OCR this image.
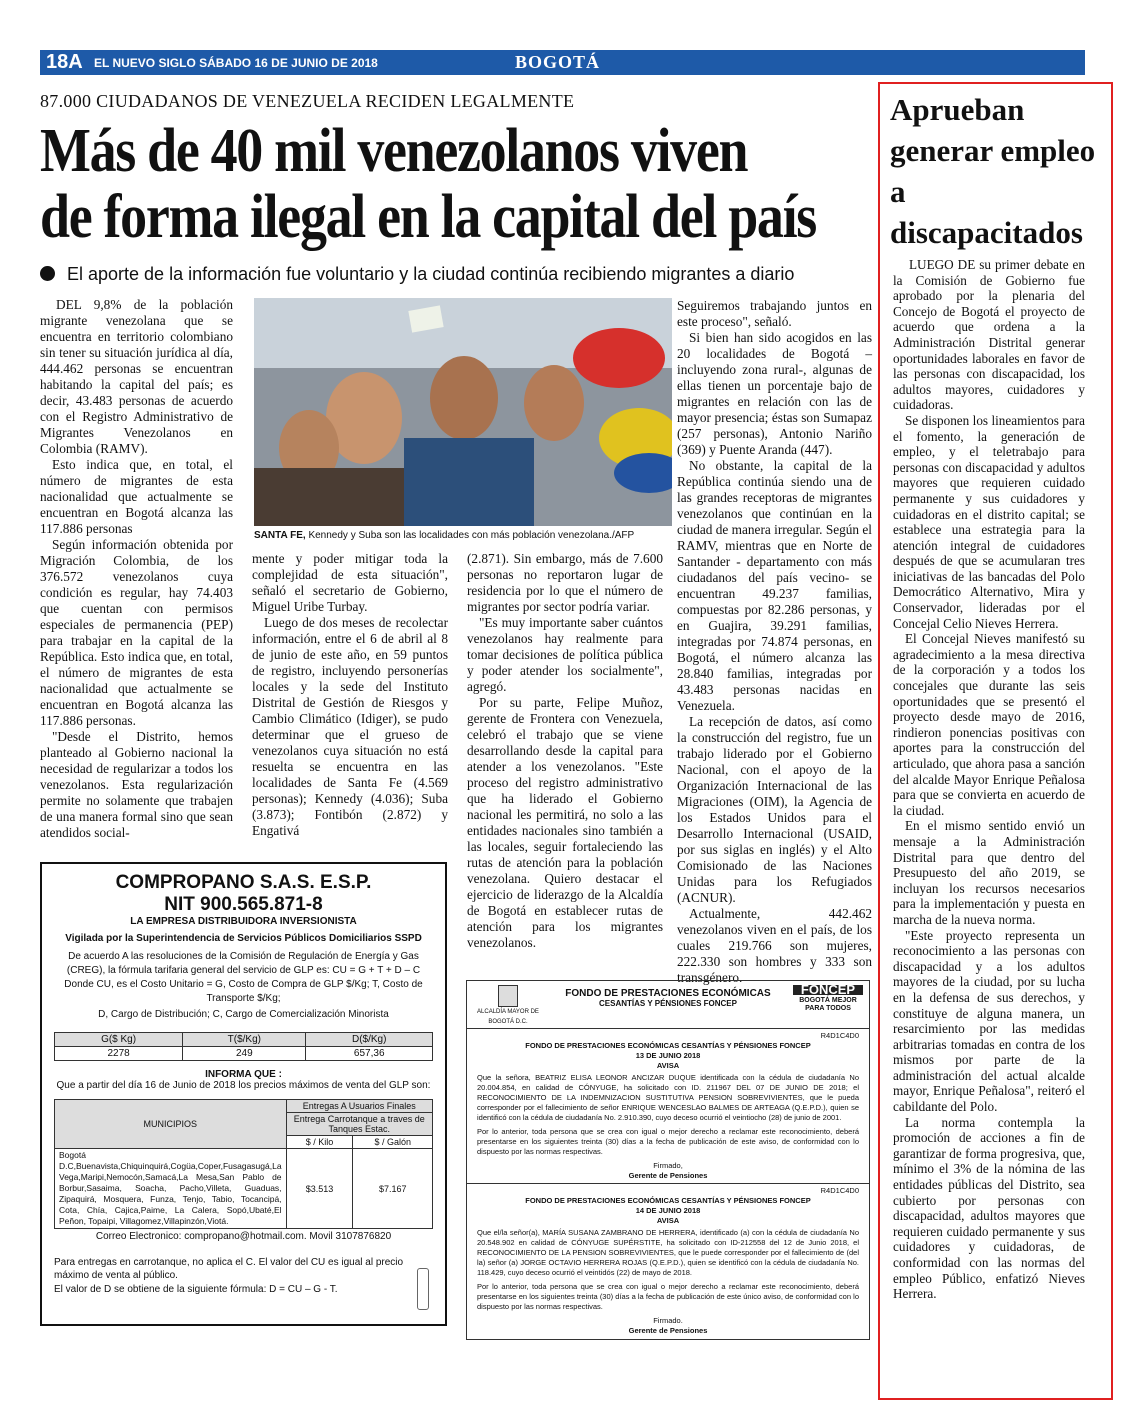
18A EL NUEVO SIGLO SÁBADO 16 DE JUNIO DE 2018	BOGOTÁ
87.000 CIUDADANOS DE VENEZUELA RECIDEN LEGALMENTE
Más de 40 mil venezolanos viven
de forma ilegal en la capital del país
El aporte de la información fue voluntario y la ciudad continúa recibiendo migrantes a diario

DEL 9,8% de la población migrante venezolana que se encuentra en territorio colombiano sin tener su situación jurídica al día, 444.462 personas se encuentran habitando la capital del país; es decir, 43.483 personas de acuerdo con el Registro Administrativo de Migrantes Venezolanos en Colombia (RAMV).

Esto indica que, en total, el número de migrantes de esta nacionalidad que actualmente se encuentran en Bogotá alcanza las 117.886 personas

Según información obtenida por Migración Colombia, de los 376.572 venezolanos cuya condición es regular, hay 74.403 que cuentan con permisos especiales de permanencia (PEP) para trabajar en la capital de la República. Esto indica que, en total, el número de migrantes de esta nacionalidad que actualmente se encuentran en Bogotá alcanza las 117.886 personas.

"Desde el Distrito, hemos planteado al Gobierno nacional la necesidad de regularizar a todos los venezolanos. Esta regularización permite no solamente que trabajen de una manera formal sino que sean atendidos social-

SANTA FE, Kennedy y Suba son las localidades con más población venezolana./AFP

mente y poder mitigar toda la complejidad de esta situación", señaló el secretario de Gobierno, Miguel Uribe Turbay.

Luego de dos meses de recolectar información, entre el 6 de abril al 8 de junio de este año, en 59 puntos de registro, incluyendo personerías locales y la sede del Instituto Distrital de Gestión de Riesgos y Cambio Climático (Idiger), se pudo determinar que el grueso de venezolanos cuya situación no está resuelta se encuentra en las localidades de Santa Fe (4.569 personas); Kennedy (4.036); Suba (3.873); Fontibón (2.872) y Engativá

(2.871). Sin embargo, más de 7.600 personas no reportaron lugar de residencia por lo que el número de migrantes por sector podría variar.

"Es muy importante saber cuántos venezolanos hay realmente para tomar decisiones de política pública y poder atender los socialmente", agregó.

Por su parte, Felipe Muñoz, gerente de Frontera con Venezuela, celebró el trabajo que se viene desarrollando desde la capital para atender a los venezolanos. "Este proceso del registro administrativo que ha liderado el Gobierno nacional les permitirá, no solo a las entidades nacionales sino también a las locales, seguir fortaleciendo las rutas de atención para la población venezolana. Quiero destacar el ejercicio de liderazgo de la Alcaldía de Bogotá en establecer rutas de atención para los migrantes venezolanos.

Seguiremos trabajando juntos en este proceso", señaló.

Si bien han sido acogidos en las 20 localidades de Bogotá –incluyendo zona rural-, algunas de ellas tienen un porcentaje bajo de migrantes en relación con las de mayor presencia; éstas son Sumapaz (257 personas), Antonio Nariño (369) y Puente Aranda (447).

No obstante, la capital de la República continúa siendo una de las grandes receptoras de migrantes venezolanos que continúan en la ciudad de manera irregular. Según el RAMV, mientras que en Norte de Santander - departamento con más ciudadanos del país vecino- se encuentran 49.237 familias, compuestas por 82.286 personas, y en Guajira, 39.291 familias, integradas por 74.874 personas, en Bogotá, el número alcanza las 28.840 familias, integradas por 43.483 personas nacidas en Venezuela.

La recepción de datos, así como la construcción del registro, fue un trabajo liderado por el Gobierno Nacional, con el apoyo de la Organización Internacional de las Migraciones (OIM), la Agencia de los Estados Unidos para el Desarrollo Internacional (USAID, por sus siglas en inglés) y el Alto Comisionado de las Naciones Unidas para los Refugiados (ACNUR).

Actualmente, 442.462 venezolanos viven en el país, de los cuales 219.766 son mujeres, 222.330 son hombres y 333 son transgénero.

Aprueban generar empleo a discapacitados

LUEGO DE su primer debate en la Comisión de Gobierno fue aprobado por la plenaria del Concejo de Bogotá el proyecto de acuerdo que ordena a la Administración Distrital generar oportunidades laborales en favor de las personas con discapacidad, los adultos mayores, cuidadores y cuidadoras.

Se disponen los lineamientos para el fomento, la generación de empleo, y el teletrabajo para personas con discapacidad y adultos mayores que requieren cuidado permanente y sus cuidadores y cuidadoras en el distrito capital; se establece una estrategia para la atención integral de cuidadores después de que se acumularan tres iniciativas de las bancadas del Polo Democrático Alternativo, Mira y Conservador, lideradas por el Concejal Celio Nieves Herrera.

El Concejal Nieves manifestó su agradecimiento a la mesa directiva de la corporación y a todos los concejales que durante las seis oportunidades que se presentó el proyecto desde mayo de 2016, rindieron ponencias positivas con aportes para la construcción del articulado, que ahora pasa a sanción del alcalde Mayor Enrique Peñalosa para que se convierta en acuerdo de la ciudad.

En el mismo sentido envió un mensaje a la Administración Distrital para que dentro del Presupuesto del año 2019, se incluyan los recursos necesarios para la implementación y puesta en marcha de la nueva norma.

"Este proyecto representa un reconocimiento a las personas con discapacidad y a los adultos mayores de la ciudad, por su lucha en la defensa de sus derechos, y constituye de alguna manera, un resarcimiento por las medidas arbitrarias tomadas en contra de los mismos por parte de la administración del actual alcalde mayor, Enrique Peñalosa", reiteró el cabildante del Polo.

La norma contempla la promoción de acciones a fin de garantizar de forma progresiva, que, mínimo el 3% de la nómina de las entidades públicas del Distrito, sea cubierto por personas con discapacidad, adultos mayores que requieren cuidado permanente y sus cuidadores y cuidadoras, de conformidad con las normas del empleo Público, enfatizó Nieves Herrera.

COMPROPANO S.A.S. E.S.P.
NIT 900.565.871-8
LA EMPRESA DISTRIBUIDORA INVERSIONISTA
Vigilada por la Superintendencia de Servicios Públicos Domiciliarios SSPD
De acuerdo A las resoluciones de la Comisión de Regulación de Energía y Gas (CREG), la fórmula tarifaria general del servicio de GLP es: CU = G + T + D – C
Donde CU, es el Costo Unitario = G, Costo de Compra de GLP $/Kg; T, Costo de Transporte $/Kg;
D, Cargo de Distribución; C, Cargo de Comercialización Minorista
G($ Kg)	T($/Kg)	D($/Kg)
2278	249	657,36
INFORMA QUE :
Que a partir del día 16 de Junio de 2018 los precios máximos de venta del GLP son:
MUNICIPIOS	Entregas A Usuarios Finales	
	Entrega Carrotanque a traves de Tanques Estac.	
	$ / Kilo	$ / Galón
Bogotá D.C,Buenavista,Chiquinquirá,Cogüa,Coper,Fusagasugá,La Vega,Maripi,Nemocón,Samacá,La Mesa,San Pablo de Borbur,Sasaima, Soacha, Pacho,Villeta, Guaduas, Zipaquirá, Mosquera, Funza, Tenjo, Tabio, Tocancipá, Cota, Chía, Cajica,Paime, La Calera, Sopó,Ubaté,El Peñon, Topaipi, Villagomez,Villapinzón,Viotá.	$3.513	$7.167
Correo Electronico: compropano@hotmail.com. Movil 3107876820
Para entregas en carrotanque, no aplica el C. El valor del CU es igual al precio máximo de venta al público.
El valor de D se obtiene de la siguiente fórmula: D = CU – G - T.
ALCALDÍA MAYOR DE BOGOTÁ D.C.
FONDO DE PRESTACIONES ECONÓMICAS
CESANTÍAS Y PÉNSIONES FONCEP
FONCEP
BOGOTÁ MEJOR PARA TODOS
R4D1C4D0
FONDO DE PRESTACIONES ECONÓMICAS CESANTÍAS Y PÉNSIONES FONCEP
13 DE JUNIO 2018
AVISA
Que la señora, BEATRIZ ELISA LEONOR ANCIZAR DUQUE identificada con la cédula de ciudadanía No 20.004.854, en calidad de CÓNYUGE, ha solicitado con ID. 211967 DEL 07 DE JUNIO DE 2018; el RECONOCIMIENTO DE LA INDEMNIZACION SUSTITUTIVA PENSION SOBREVIVIENTES, que le pueda corresponder por el fallecimiento de señor ENRIQUE WENCESLAO BALMES DE ARTEAGA (Q.E.P.D.), quien se identificó con la cédula de ciudadanía No. 2.910.390, cuyo deceso ocurrió el veintiocho (28) de junio de 2001.
Por lo anterior, toda persona que se crea con igual o mejor derecho a reclamar este reconocimiento, deberá presentarse en los siguientes treinta (30) días a la fecha de publicación de este aviso, de conformidad con lo dispuesto por las normas respectivas.
Firmado,
Gerente de Pensiones
R4D1C4D0
FONDO DE PRESTACIONES ECONÓMICAS CESANTÍAS Y PÉNSIONES FONCEP
14 DE JUNIO 2018
AVISA
Que el/la señor(a), MARÍA SUSANA ZAMBRANO DE HERRERA, identificado (a) con la cédula de ciudadanía No 20.548.902 en calidad de CÓNYUGE SUPÉRSTITE, ha solicitado con ID-212558 del 12 de Junio 2018, el RECONOCIMIENTO DE LA PENSION SOBREVIVIENTES, que le puede corresponder por el fallecimiento de (del la) señor (a) JORGE OCTAVIO HERRERA ROJAS (Q.E.P.D.), quien se identificó con la cédula de ciudadanía No. 118.429, cuyo deceso ocurrió el veintidós (22) de mayo de 2018.
Por lo anterior, toda persona que se crea con igual o mejor derecho a reclamar este reconocimiento, deberá presentarse en los siguientes treinta (30) días a la fecha de publicación de este único aviso, de conformidad con lo dispuesto por las normas respectivas.
Firmado.
Gerente de Pensiones
